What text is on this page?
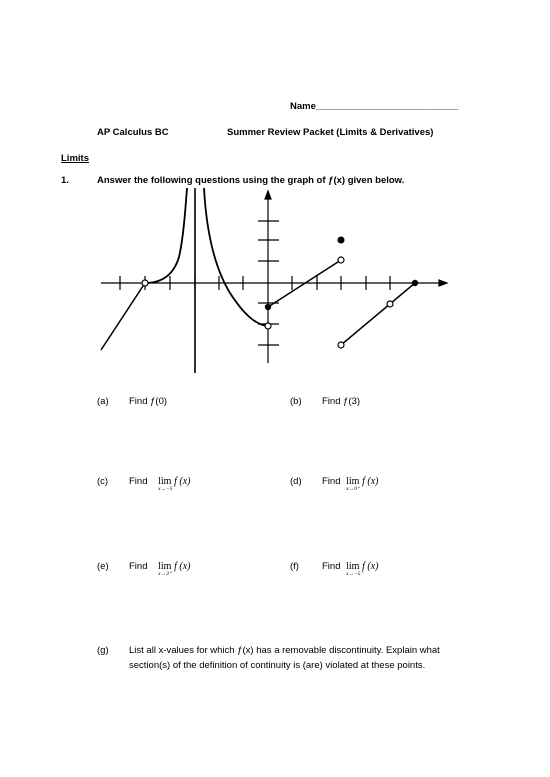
Name___________________________
AP Calculus BC	Summer Review Packet (Limits & Derivatives)
Limits
1.	Answer the following questions using the graph of ƒ(x) given below.
(a) Find ƒ(0)	(b) Find ƒ(3)
(c) Find lim
x→−5
f (x)	(d) Find lim
x→0⁺
f (x)
(e) Find lim
x→3⁺
f (x)	(f) Find lim
x→−5⁻
f (x)
(g) List all x-values for which ƒ(x) has a removable discontinuity. Explain what
section(s) of the definition of continuity is (are) violated at these points.
